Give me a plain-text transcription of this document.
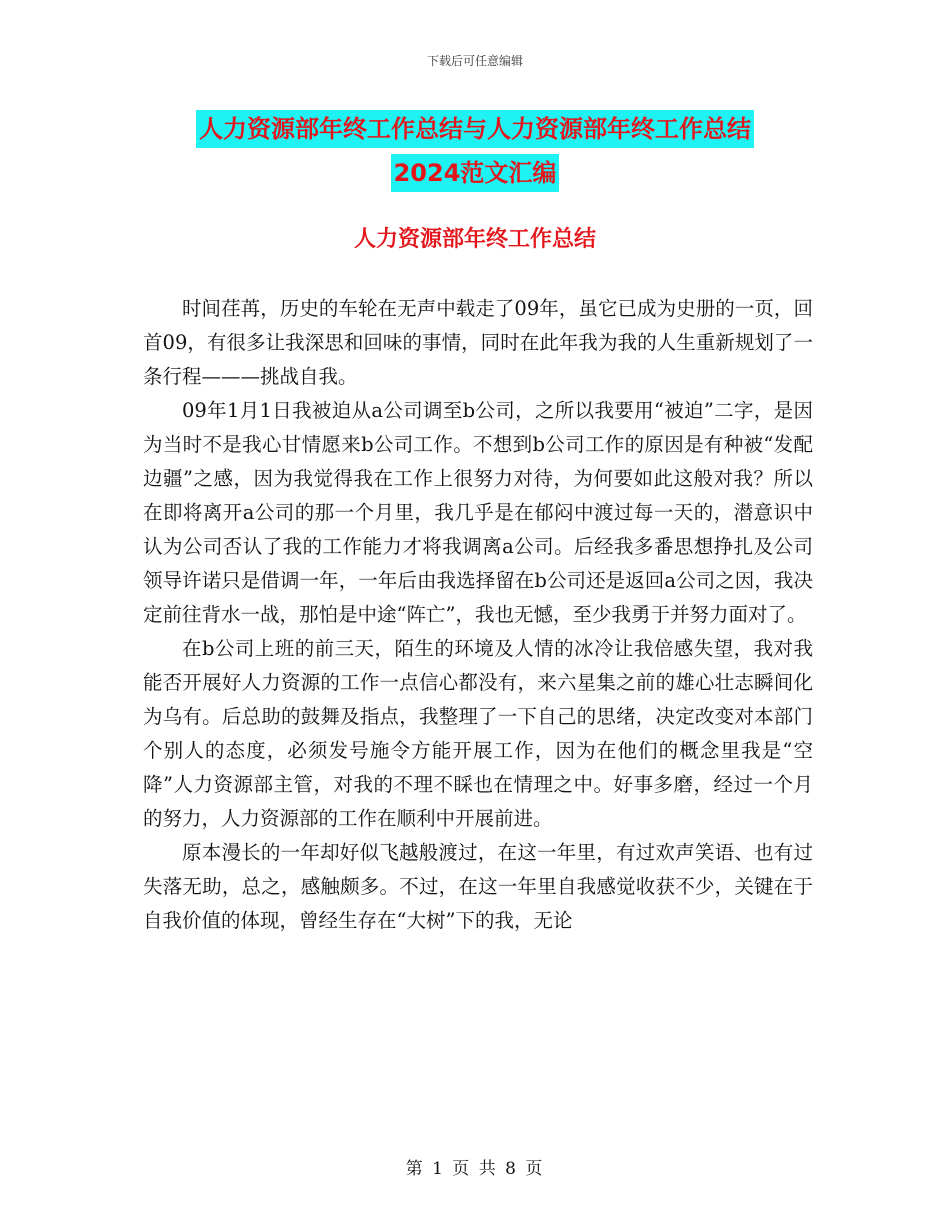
下载后可任意编辑
人力资源部年终工作总结与人力资源部年终工作总结
2024范文汇编
人力资源部年终工作总结

时间荏苒，历史的车轮在无声中载走了09年，虽它已成为史册的一页，回首09，有很多让我深思和回味的事情，同时在此年我为我的人生重新规划了一条行程———挑战自我。

09年1月1日我被迫从a公司调至b公司，之所以我要用“被迫”二字，是因为当时不是我心甘情愿来b公司工作。不想到b公司工作的原因是有种被“发配边疆”之感，因为我觉得我在工作上很努力对待，为何要如此这般对我？所以在即将离开a公司的那一个月里，我几乎是在郁闷中渡过每一天的，潜意识中认为公司否认了我的工作能力才将我调离a公司。后经我多番思想挣扎及公司领导许诺只是借调一年，一年后由我选择留在b公司还是返回a公司之因，我决定前往背水一战，那怕是中途“阵亡”，我也无憾，至少我勇于并努力面对了。

在b公司上班的前三天，陌生的环境及人情的冰冷让我倍感失望，我对我能否开展好人力资源的工作一点信心都没有，来六星集之前的雄心壮志瞬间化为乌有。后总助的鼓舞及指点，我整理了一下自己的思绪，决定改变对本部门个别人的态度，必须发号施令方能开展工作，因为在他们的概念里我是“空降”人力资源部主管，对我的不理不睬也在情理之中。好事多磨，经过一个月的努力，人力资源部的工作在顺利中开展前进。

原本漫长的一年却好似飞越般渡过，在这一年里，有过欢声笑语、也有过失落无助，总之，感触颇多。不过，在这一年里自我感觉收获不少，关键在于自我价值的体现，曾经生存在“大树”下的我，无论

第 1 页 共 8 页
